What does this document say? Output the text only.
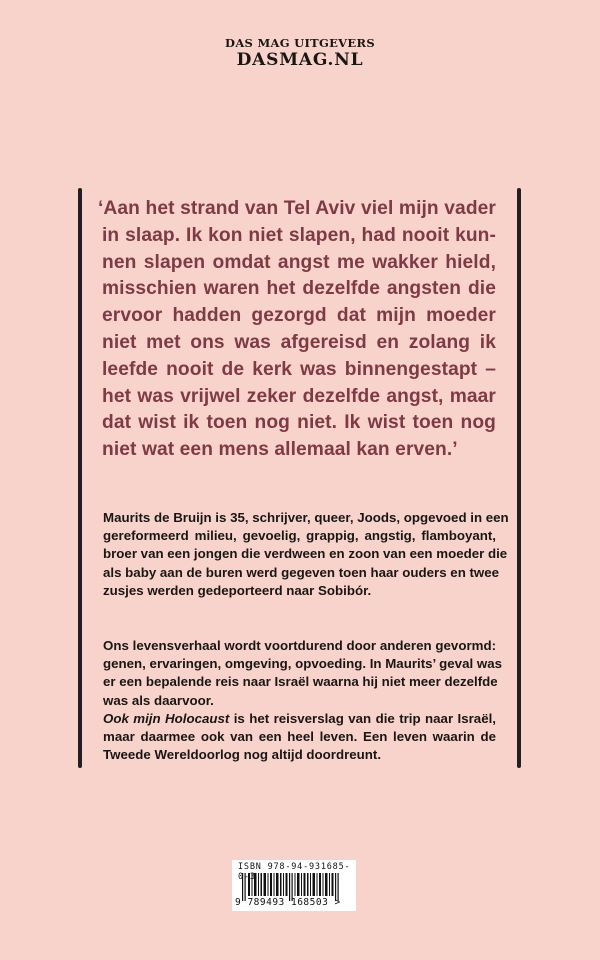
DAS MAG UITGEVERS
DASMAG.NL
‘Aan het strand van Tel Aviv viel mijn vader
in slaap. Ik kon niet slapen, had nooit kun-
nen slapen omdat angst me wakker hield,
misschien waren het dezelfde angsten die
ervoor hadden gezorgd dat mijn moeder
niet met ons was afgereisd en zolang ik
leefde nooit de kerk was binnengestapt –
het was vrijwel zeker dezelfde angst, maar
dat wist ik toen nog niet. Ik wist toen nog
niet wat een mens allemaal kan erven.’
Maurits de Bruijn is 35, schrijver, queer, Joods, opgevoed in een
gereformeerd milieu, gevoelig, grappig, angstig, flamboyant,
broer van een jongen die verdween en zoon van een moeder die
als baby aan de buren werd gegeven toen haar ouders en twee
zusjes werden gedeporteerd naar Sobibór.
Ons levensverhaal wordt voortdurend door anderen gevormd:
genen, ervaringen, omgeving, opvoeding. In Maurits’ geval was
er een bepalende reis naar Israël waarna hij niet meer dezelfde
was als daarvoor.
Ook mijn Holocaust is het reisverslag van die trip naar Israël,
maar daarmee ook van een heel leven. Een leven waarin de
Tweede Wereldoorlog nog altijd doordreunt.
ISBN 978-94-931685-0-3
9 789493 168503 >
